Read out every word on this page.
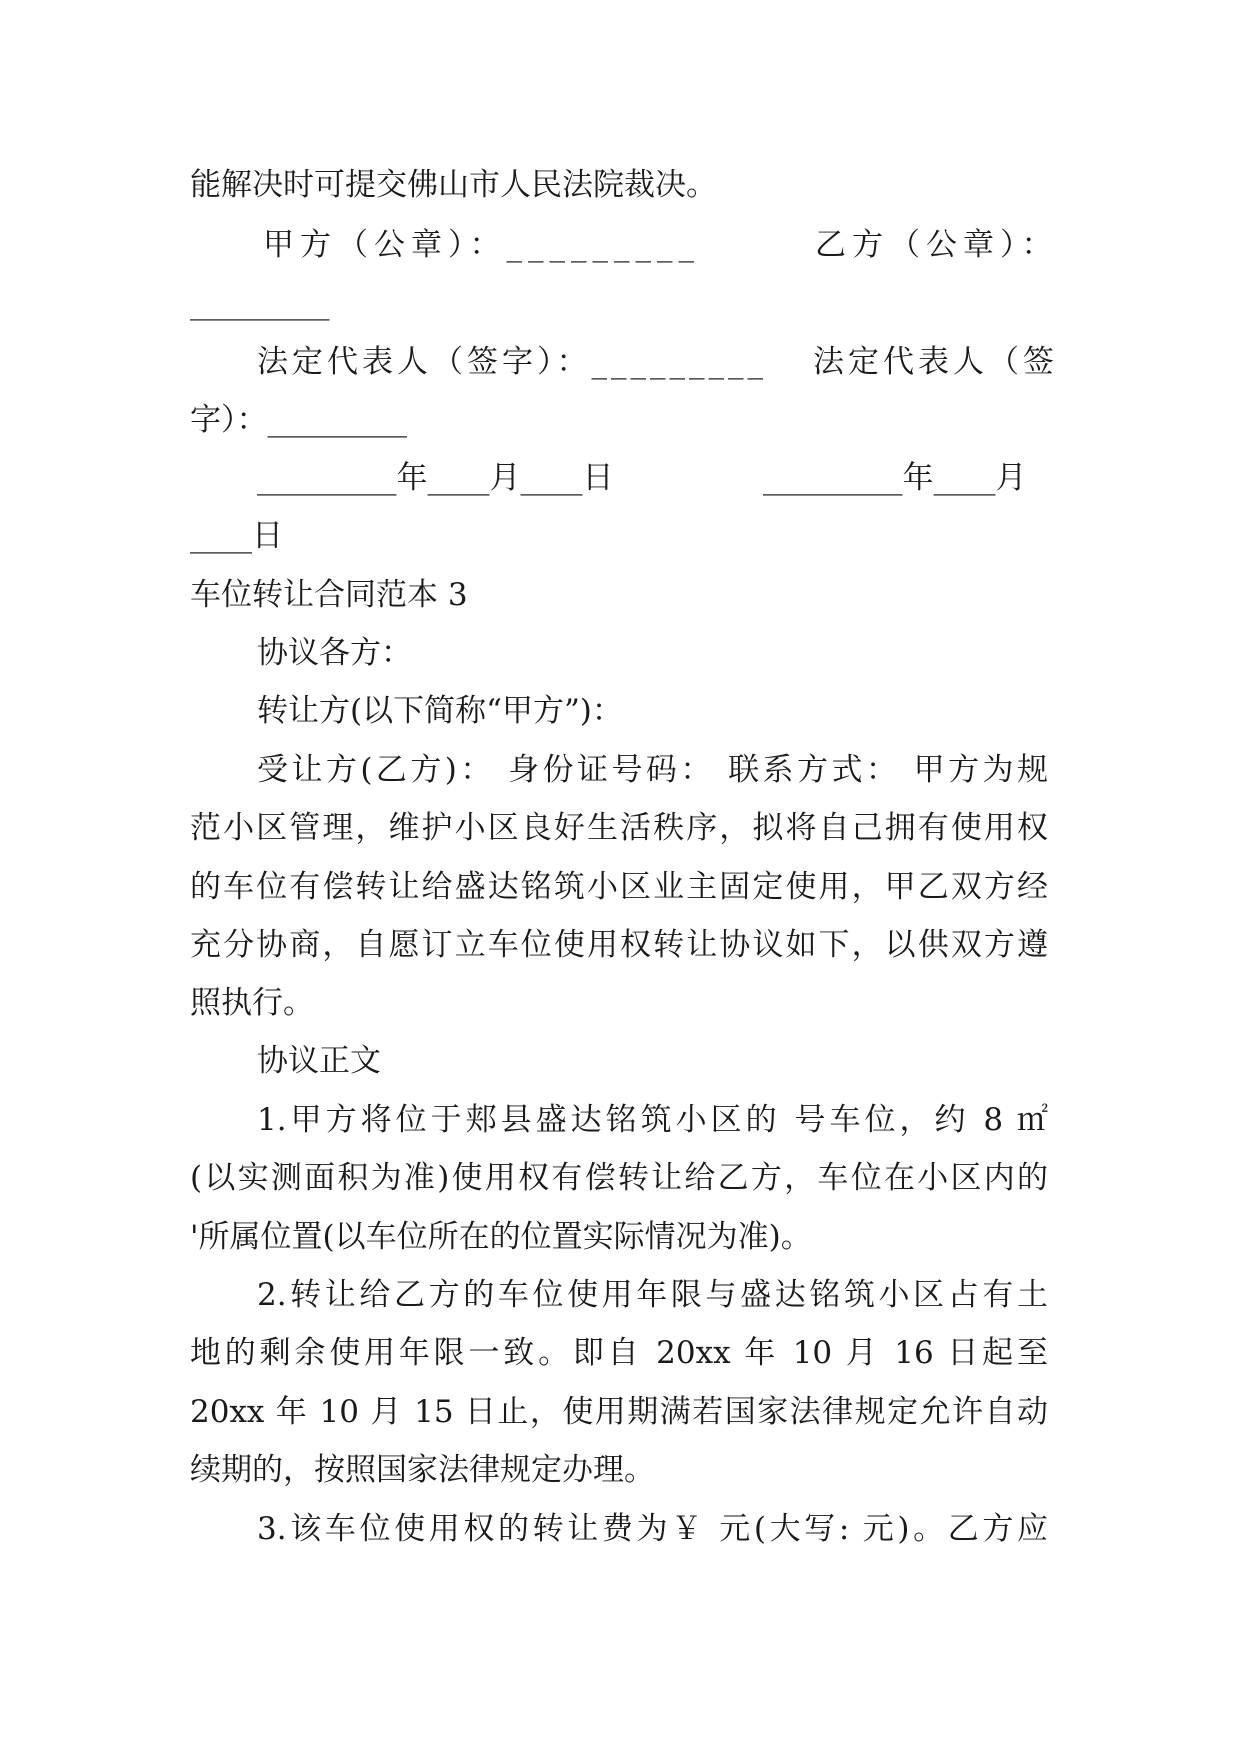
能解决时可提交佛山市人民法院裁决。
甲方（公章）：_________	乙方（公章）：
_________
法定代表人（签字）：_________ 法定代表人（签
字）：_________
_________年____月____日	_________年____月
____日
车位转让合同范本 3
协议各方：
转让方(以下简称“甲方”)：
受让方(乙方)： 身份证号码： 联系方式： 甲方为规
范小区管理，维护小区良好生活秩序，拟将自己拥有使用权
的车位有偿转让给盛达铭筑小区业主固定使用，甲乙双方经
充分协商，自愿订立车位使用权转让协议如下，以供双方遵
照执行。
协议正文
1.甲方将位于郏县盛达铭筑小区的 号车位，约 8 ㎡
(以实测面积为准)使用权有偿转让给乙方，车位在小区内的
'所属位置(以车位所在的位置实际情况为准)。
2.转让给乙方的车位使用年限与盛达铭筑小区占有土
地的剩余使用年限一致。即自 20xx 年 10 月 16 日起至
20xx 年 10 月 15 日止，使用期满若国家法律规定允许自动
续期的，按照国家法律规定办理。
3.该车位使用权的转让费为￥ 元(大写: 元)。乙方应
